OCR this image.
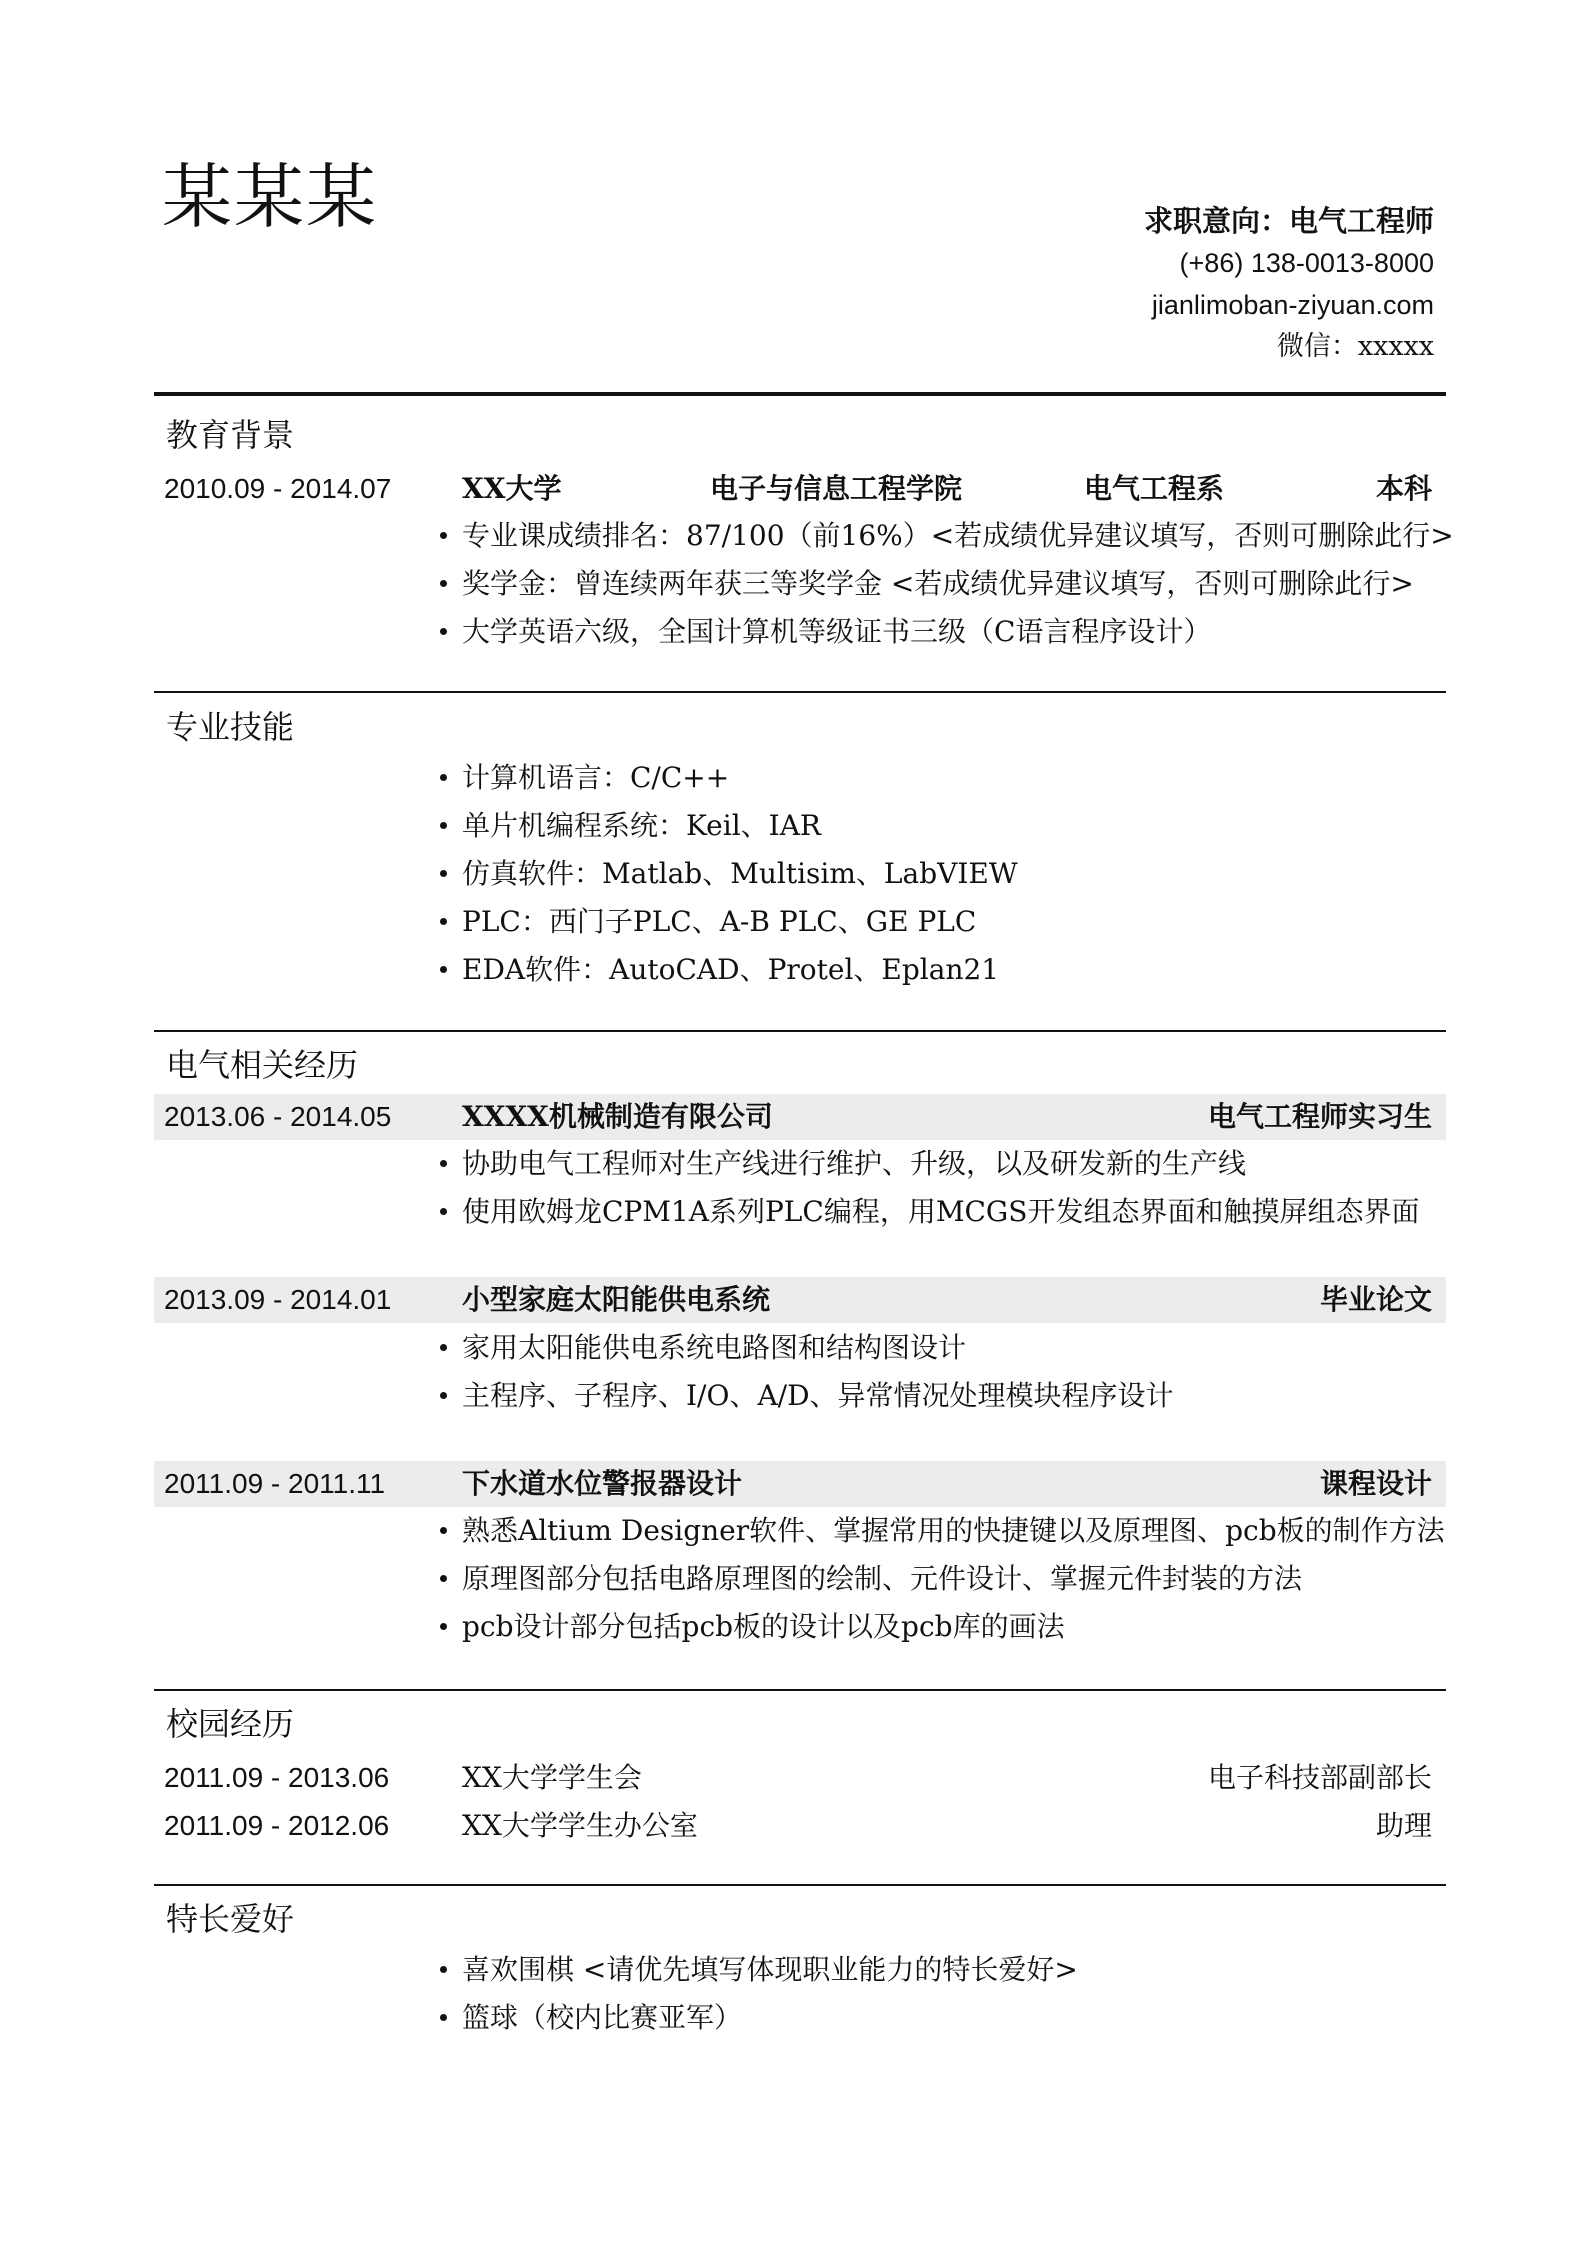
某某某	求职意向：电气工程师
(+86) 138-0013-8000
jianlimoban-ziyuan.com
微信：xxxxx
教育背景
2010.09 - 2014.07	XX大学	电子与信息工程学院	电气工程系	本科
专业课成绩排名：87/100（前16%）<若成绩优异建议填写，否则可删除此行>
奖学金：曾连续两年获三等奖学金 <若成绩优异建议填写，否则可删除此行>
大学英语六级，全国计算机等级证书三级（C语言程序设计）
专业技能
计算机语言：C/C++
单片机编程系统：Keil、IAR
仿真软件：Matlab、Multisim、LabVIEW
PLC：西门子PLC、A-B PLC、GE PLC
EDA软件：AutoCAD、Protel、Eplan21
电气相关经历
2013.06 - 2014.05	XXXX机械制造有限公司	电气工程师实习生
协助电气工程师对生产线进行维护、升级，以及研发新的生产线
使用欧姆龙CPM1A系列PLC编程，用MCGS开发组态界面和触摸屏组态界面
2013.09 - 2014.01	小型家庭太阳能供电系统	毕业论文
家用太阳能供电系统电路图和结构图设计
主程序、子程序、I/O、A/D、异常情况处理模块程序设计
2011.09 - 2011.11	下水道水位警报器设计	课程设计
熟悉Altium Designer软件、掌握常用的快捷键以及原理图、pcb板的制作方法
原理图部分包括电路原理图的绘制、元件设计、掌握元件封装的方法
pcb设计部分包括pcb板的设计以及pcb库的画法
校园经历
2011.09 - 2013.06	XX大学学生会	电子科技部副部长
2011.09 - 2012.06	XX大学学生办公室	助理
特长爱好
喜欢围棋 <请优先填写体现职业能力的特长爱好>
篮球（校内比赛亚军）
